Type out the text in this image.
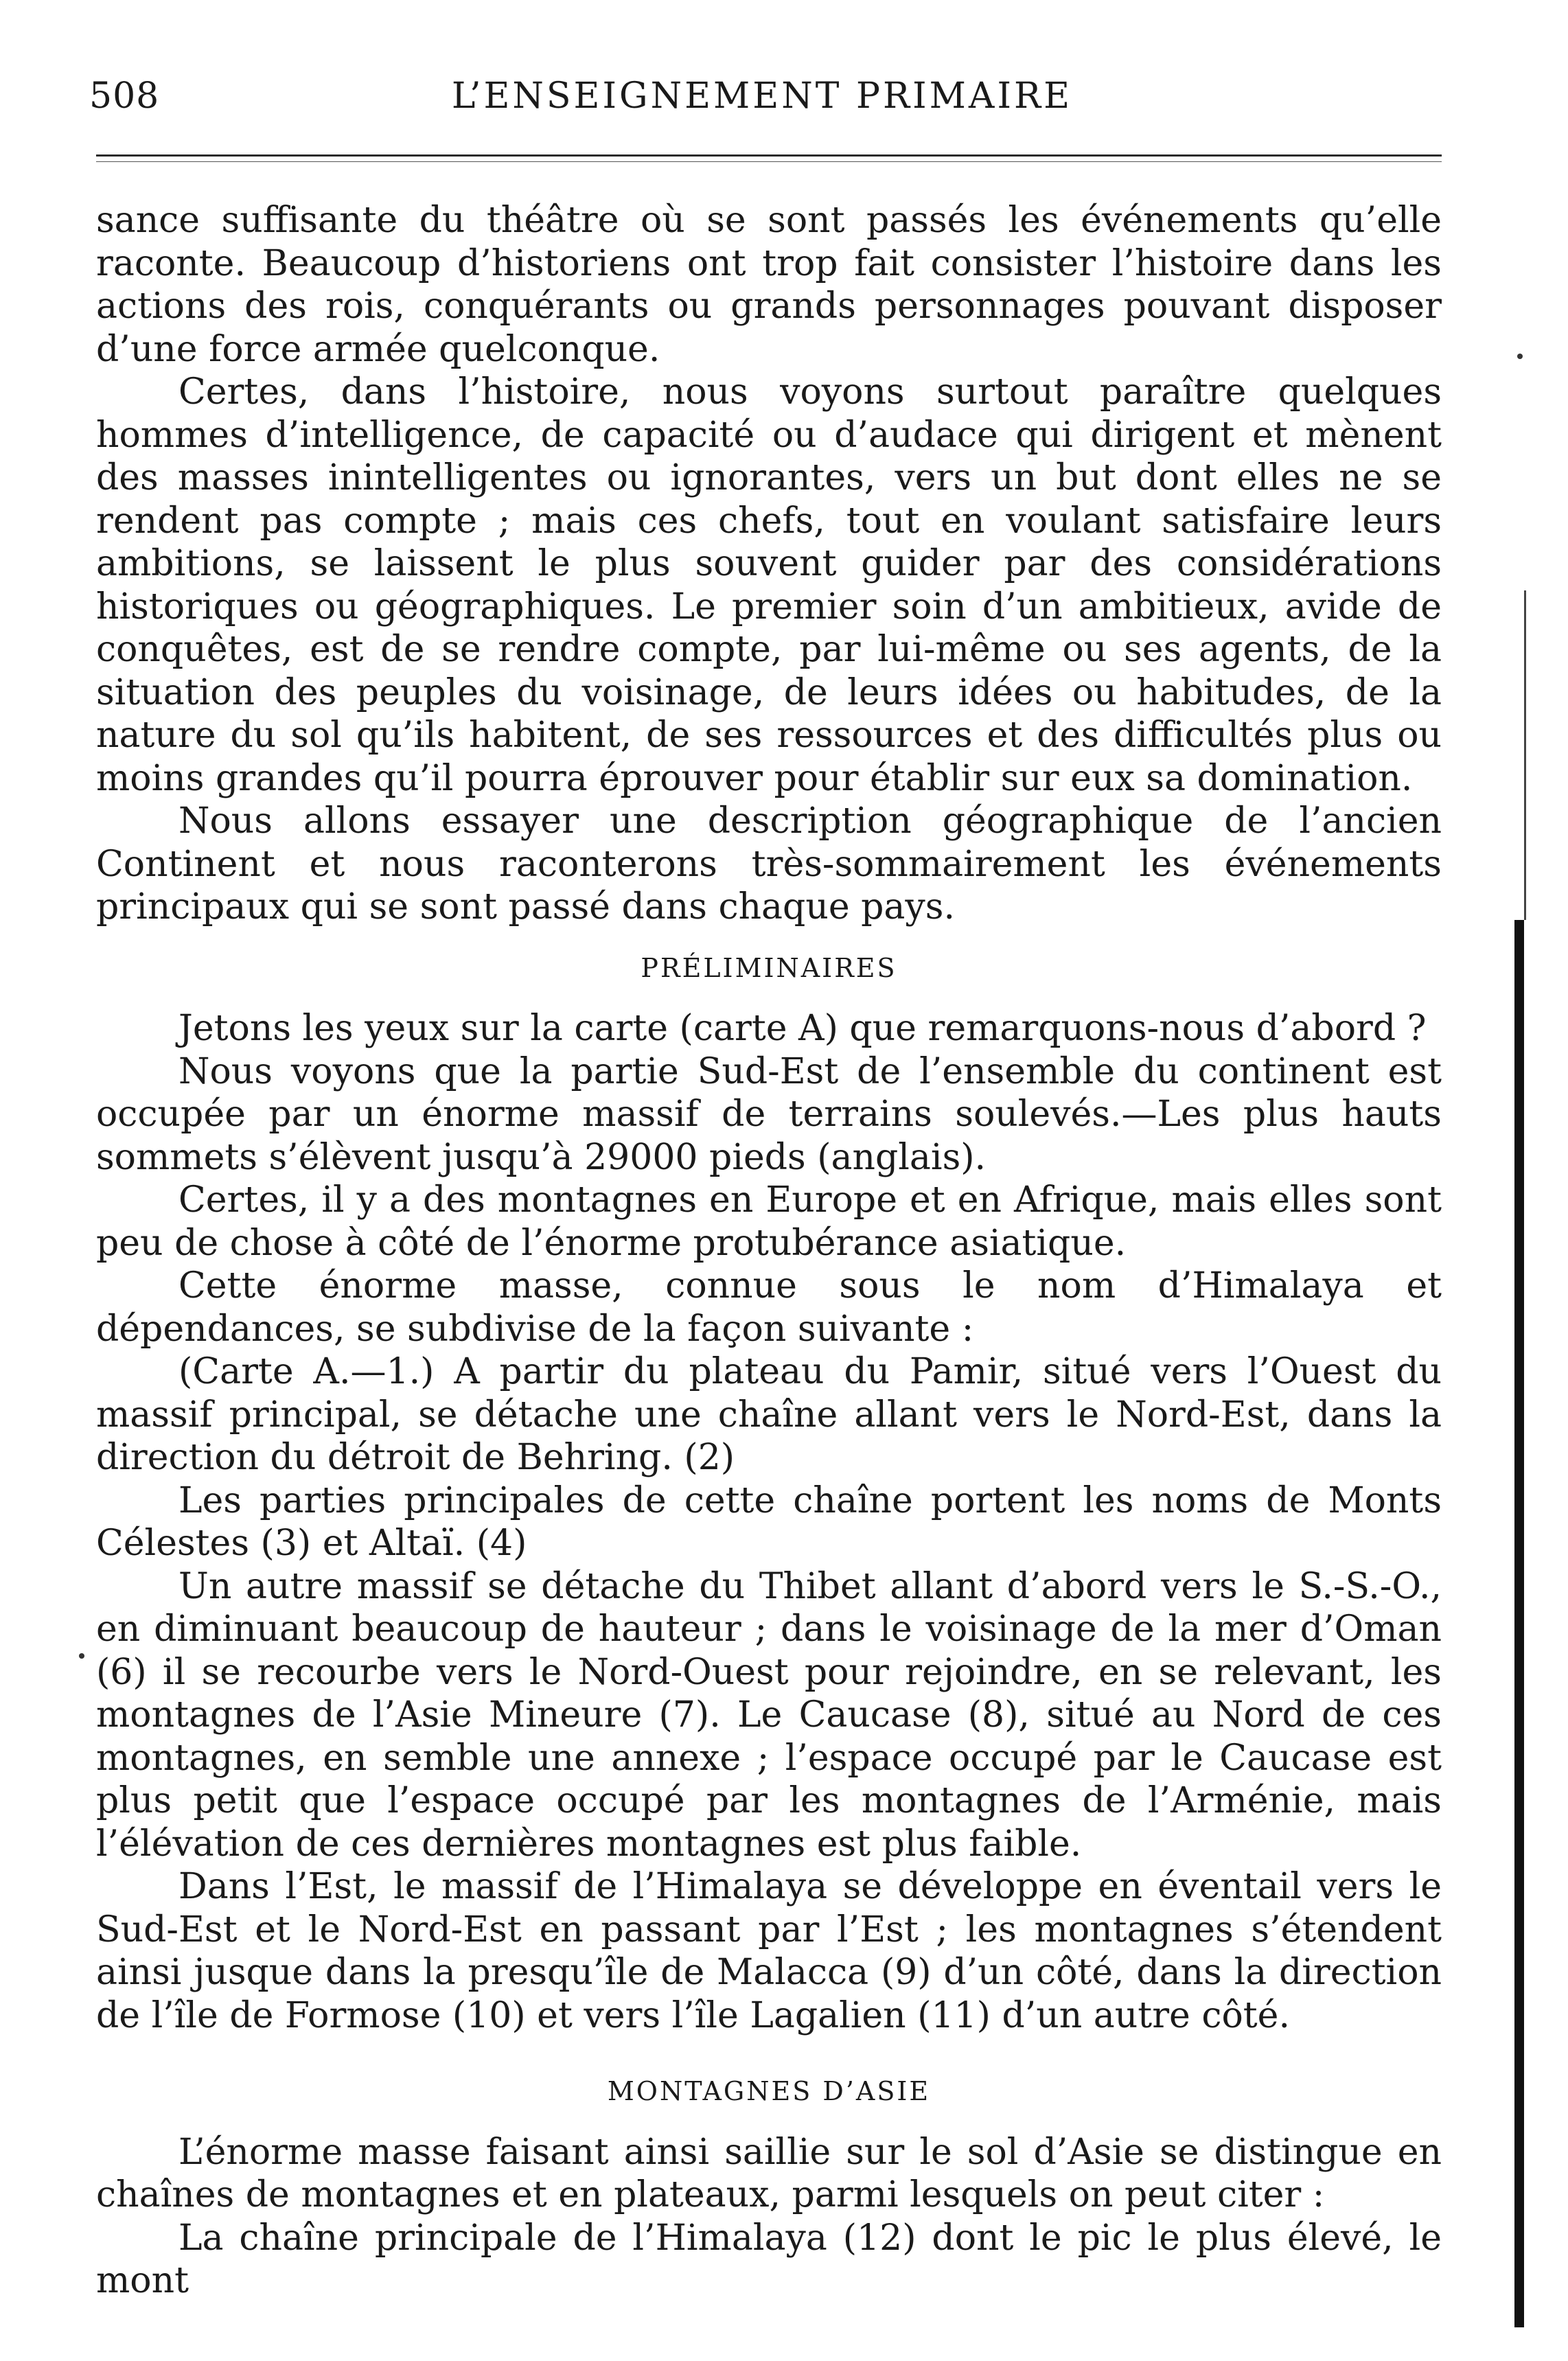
508	L’ENSEIGNEMENT PRIMAIRE

sance suffisante du théâtre où se sont passés les événements qu’elle raconte. Beaucoup d’historiens ont trop fait consister l’histoire dans les actions des rois, conquérants ou grands personnages pouvant disposer d’une force armée quelconque.

Certes, dans l’histoire, nous voyons surtout paraître quelques hommes d’intelligence, de capacité ou d’audace qui dirigent et mènent des masses inintelligentes ou ignorantes, vers un but dont elles ne se rendent pas compte ; mais ces chefs, tout en voulant satisfaire leurs ambitions, se laissent le plus souvent guider par des considérations historiques ou géographiques. Le premier soin d’un ambitieux, avide de conquêtes, est de se rendre compte, par lui-même ou ses agents, de la situation des peuples du voisinage, de leurs idées ou habitudes, de la nature du sol qu’ils habitent, de ses ressources et des difficultés plus ou moins grandes qu’il pourra éprouver pour établir sur eux sa domination.

Nous allons essayer une description géographique de l’ancien Continent et nous raconterons très-sommairement les événements principaux qui se sont passé dans chaque pays.

PRÉLIMINAIRES

Jetons les yeux sur la carte (carte A) que remarquons-nous d’abord ?

Nous voyons que la partie Sud-Est de l’ensemble du continent est occupée par un énorme massif de terrains soulevés.—Les plus hauts sommets s’élèvent jusqu’à 29000 pieds (anglais).

Certes, il y a des montagnes en Europe et en Afrique, mais elles sont peu de chose à côté de l’énorme protubérance asiatique.

Cette énorme masse, connue sous le nom d’Himalaya et dépendances, se subdivise de la façon suivante :

(Carte A.—1.) A partir du plateau du Pamir, situé vers l’Ouest du massif principal, se détache une chaîne allant vers le Nord-Est, dans la direction du détroit de Behring. (2)

Les parties principales de cette chaîne portent les noms de Monts Célestes (3) et Altaï. (4)

Un autre massif se détache du Thibet allant d’abord vers le S.-S.-O., en diminuant beaucoup de hauteur ; dans le voisinage de la mer d’Oman (6) il se recourbe vers le Nord-Ouest pour rejoindre, en se relevant, les montagnes de l’Asie Mineure (7). Le Caucase (8), situé au Nord de ces montagnes, en semble une annexe ; l’espace occupé par le Caucase est plus petit que l’espace occupé par les montagnes de l’Arménie, mais l’élévation de ces dernières montagnes est plus faible.

Dans l’Est, le massif de l’Himalaya se développe en éventail vers le Sud-Est et le Nord-Est en passant par l’Est ; les montagnes s’étendent ainsi jusque dans la presqu’île de Malacca (9) d’un côté, dans la direction de l’île de Formose (10) et vers l’île Lagalien (11) d’un autre côté.

MONTAGNES D’ASIE

L’énorme masse faisant ainsi saillie sur le sol d’Asie se distingue en chaînes de montagnes et en plateaux, parmi lesquels on peut citer :

La chaîne principale de l’Himalaya (12) dont le pic le plus élevé, le mont
